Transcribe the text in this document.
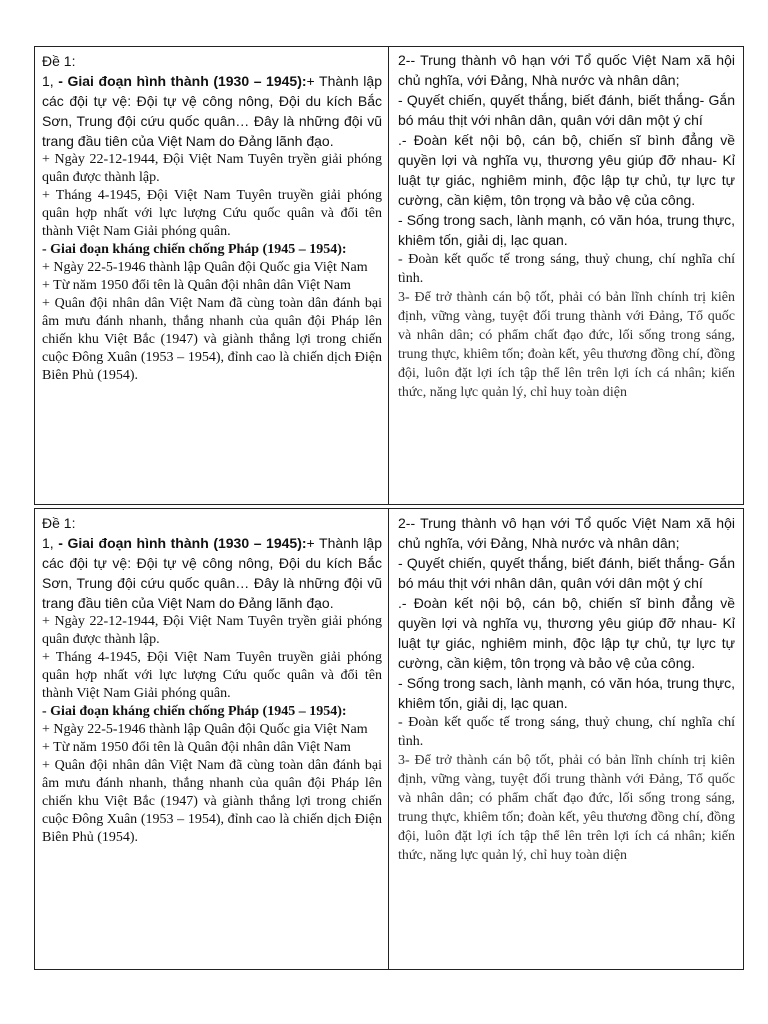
Đề 1:

1, - Giai đoạn hình thành (1930 – 1945):+ Thành lập các đội tự vệ: Đội tự vệ công nông, Đội du kích Bắc Sơn, Trung đội cứu quốc quân… Đây là những đội vũ trang đầu tiên của Việt Nam do Đảng lãnh đạo.

+ Ngày 22-12-1944, Đội Việt Nam Tuyên tryền giải phóng quân được thành lập.

+ Tháng 4-1945, Đội Việt Nam Tuyên truyền giải phóng quân hợp nhất với lực lượng Cứu quốc quân và đổi tên thành Việt Nam Giải phóng quân.

- Giai đoạn kháng chiến chống Pháp (1945 – 1954):

+ Ngày 22-5-1946 thành lập Quân đội Quốc gia Việt Nam

+ Từ năm 1950 đổi tên là Quân đội nhân dân Việt Nam

+ Quân đội nhân dân Việt Nam đã cùng toàn dân đánh bại âm mưu đánh nhanh, thắng nhanh của quân đội Pháp lên chiến khu Việt Bắc (1947) và giành thắng lợi trong chiến cuộc Đông Xuân (1953 – 1954), đỉnh cao là chiến dịch Điện Biên Phủ (1954).

2-- Trung thành vô hạn với Tổ quốc Việt Nam xã hội chủ nghĩa, với Đảng, Nhà nước và nhân dân;

- Quyết chiến, quyết thắng, biết đánh, biết thắng- Gắn bó máu thịt với nhân dân, quân với dân một ý chí

.- Đoàn kết nội bộ, cán bộ, chiến sĩ bình đẳng về quyền lợi và nghĩa vụ, thương yêu giúp đỡ nhau- Kỉ luật tự giác, nghiêm minh, độc lập tự chủ, tự lực tự cường, cần kiệm, tôn trọng và bảo vệ của công.

- Sống trong sach, lành mạnh, có văn hóa, trung thực, khiêm tốn, giải dị, lạc quan.

- Đoàn kết quốc tế trong sáng, thuỷ chung, chí nghĩa chí tình.

3- Để trở thành cán bộ tốt, phải có bản lĩnh chính trị kiên định, vững vàng, tuyệt đối trung thành với Đảng, Tổ quốc và nhân dân; có phẩm chất đạo đức, lối sống trong sáng, trung thực, khiêm tốn; đoàn kết, yêu thương đồng chí, đồng đội, luôn đặt lợi ích tập thể lên trên lợi ích cá nhân; kiến thức, năng lực quản lý, chỉ huy toàn diện

Đề 1:

1, - Giai đoạn hình thành (1930 – 1945):+ Thành lập các đội tự vệ: Đội tự vệ công nông, Đội du kích Bắc Sơn, Trung đội cứu quốc quân… Đây là những đội vũ trang đầu tiên của Việt Nam do Đảng lãnh đạo.

+ Ngày 22-12-1944, Đội Việt Nam Tuyên tryền giải phóng quân được thành lập.

+ Tháng 4-1945, Đội Việt Nam Tuyên truyền giải phóng quân hợp nhất với lực lượng Cứu quốc quân và đổi tên thành Việt Nam Giải phóng quân.

- Giai đoạn kháng chiến chống Pháp (1945 – 1954):

+ Ngày 22-5-1946 thành lập Quân đội Quốc gia Việt Nam

+ Từ năm 1950 đổi tên là Quân đội nhân dân Việt Nam

+ Quân đội nhân dân Việt Nam đã cùng toàn dân đánh bại âm mưu đánh nhanh, thắng nhanh của quân đội Pháp lên chiến khu Việt Bắc (1947) và giành thắng lợi trong chiến cuộc Đông Xuân (1953 – 1954), đỉnh cao là chiến dịch Điện Biên Phủ (1954).

2-- Trung thành vô hạn với Tổ quốc Việt Nam xã hội chủ nghĩa, với Đảng, Nhà nước và nhân dân;

- Quyết chiến, quyết thắng, biết đánh, biết thắng- Gắn bó máu thịt với nhân dân, quân với dân một ý chí

.- Đoàn kết nội bộ, cán bộ, chiến sĩ bình đẳng về quyền lợi và nghĩa vụ, thương yêu giúp đỡ nhau- Kỉ luật tự giác, nghiêm minh, độc lập tự chủ, tự lực tự cường, cần kiệm, tôn trọng và bảo vệ của công.

- Sống trong sach, lành mạnh, có văn hóa, trung thực, khiêm tốn, giải dị, lạc quan.

- Đoàn kết quốc tế trong sáng, thuỷ chung, chí nghĩa chí tình.

3- Để trở thành cán bộ tốt, phải có bản lĩnh chính trị kiên định, vững vàng, tuyệt đối trung thành với Đảng, Tổ quốc và nhân dân; có phẩm chất đạo đức, lối sống trong sáng, trung thực, khiêm tốn; đoàn kết, yêu thương đồng chí, đồng đội, luôn đặt lợi ích tập thể lên trên lợi ích cá nhân; kiến thức, năng lực quản lý, chỉ huy toàn diện
